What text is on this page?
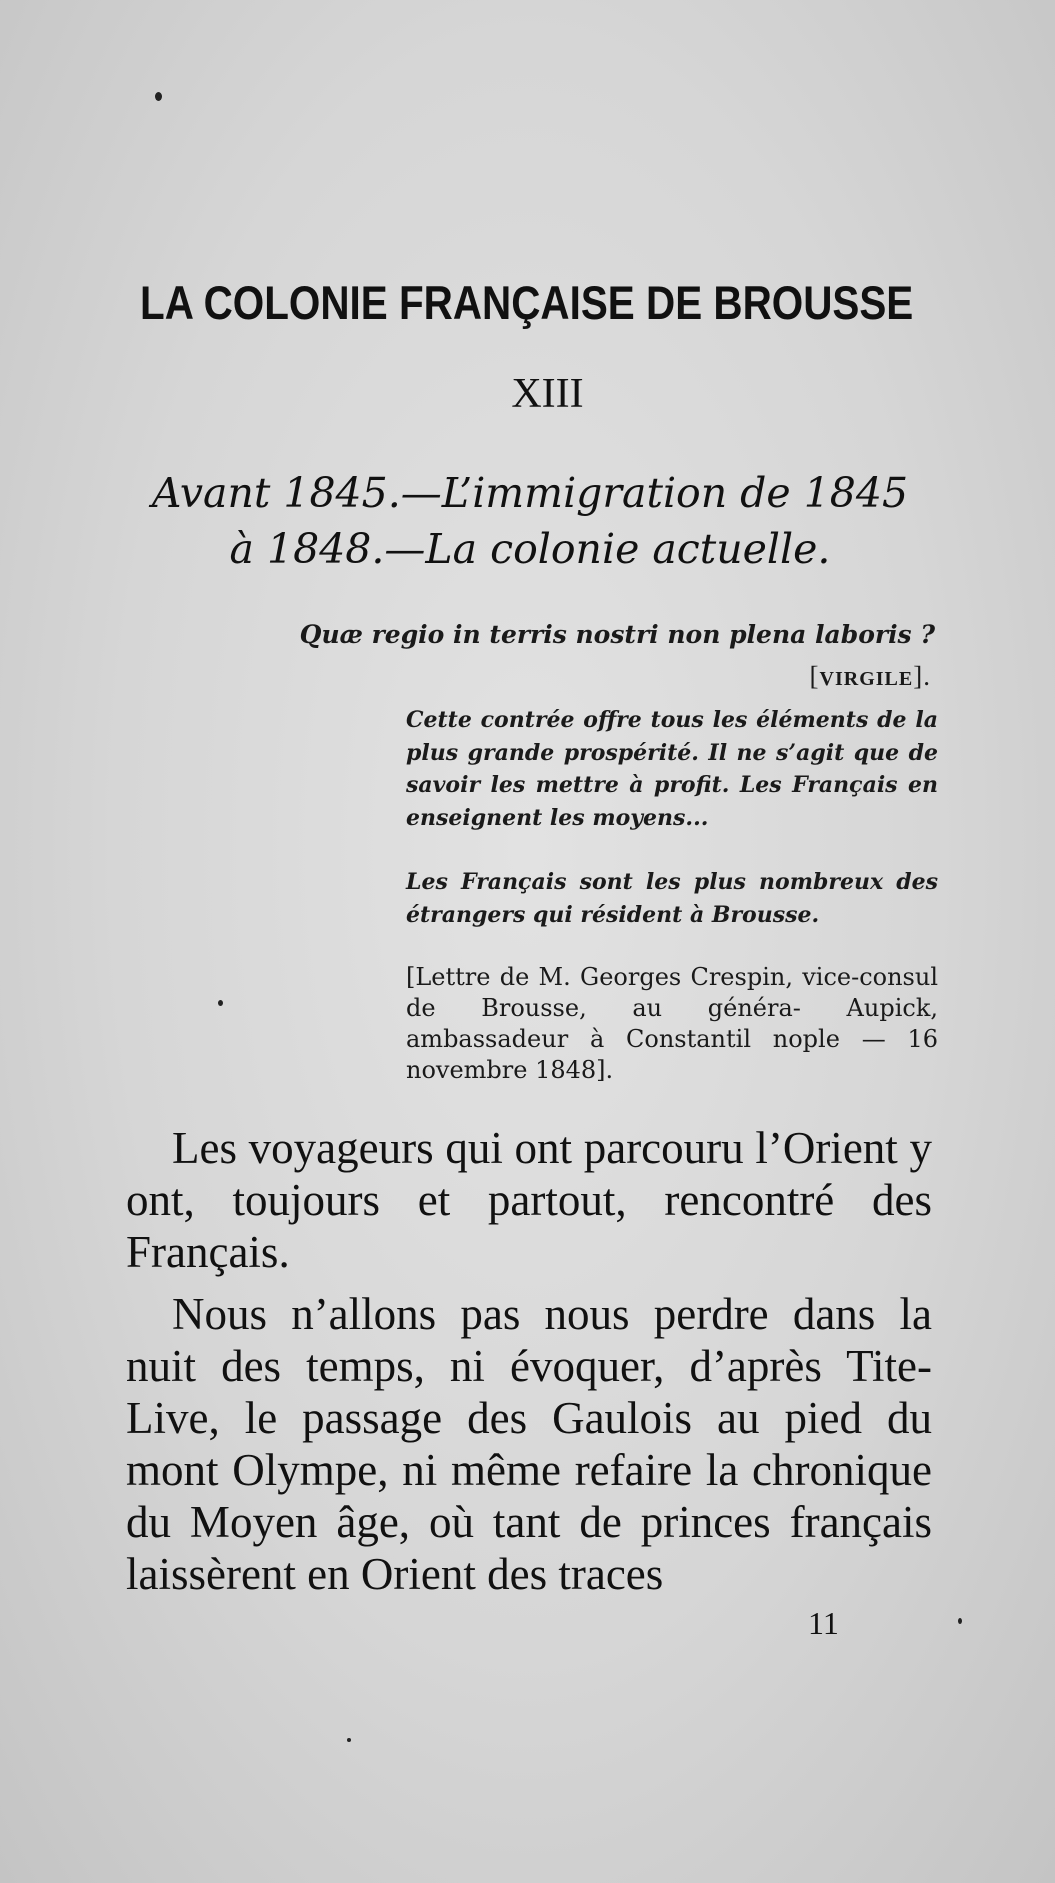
LA COLONIE FRANÇAISE DE BROUSSE
XIII
Avant 1845.—L’immigration de 1845
à 1848.—La colonie actuelle.
Quæ regio in terris nostri non plena laboris ?
[VIRGILE].
Cette contrée offre tous les éléments de la plus grande prospérité. Il ne s’agit que de savoir les mettre à profit. Les Français en enseignent les moyens...
Les Français sont les plus nombreux des étrangers qui résident à Brousse.
[Lettre de M. Georges Crespin, vice-consul de Brousse, au généra- Aupick, ambassadeur à Constantil nople — 16 novembre 1848].

Les voyageurs qui ont parcouru l’Orient y ont, toujours et partout, rencontré des Français.

Nous n’allons pas nous perdre dans la nuit des temps, ni évoquer, d’après Tite-Live, le passage des Gaulois au pied du mont Olympe, ni même refaire la chronique du Moyen âge, où tant de princes français laissèrent en Orient des traces

11
